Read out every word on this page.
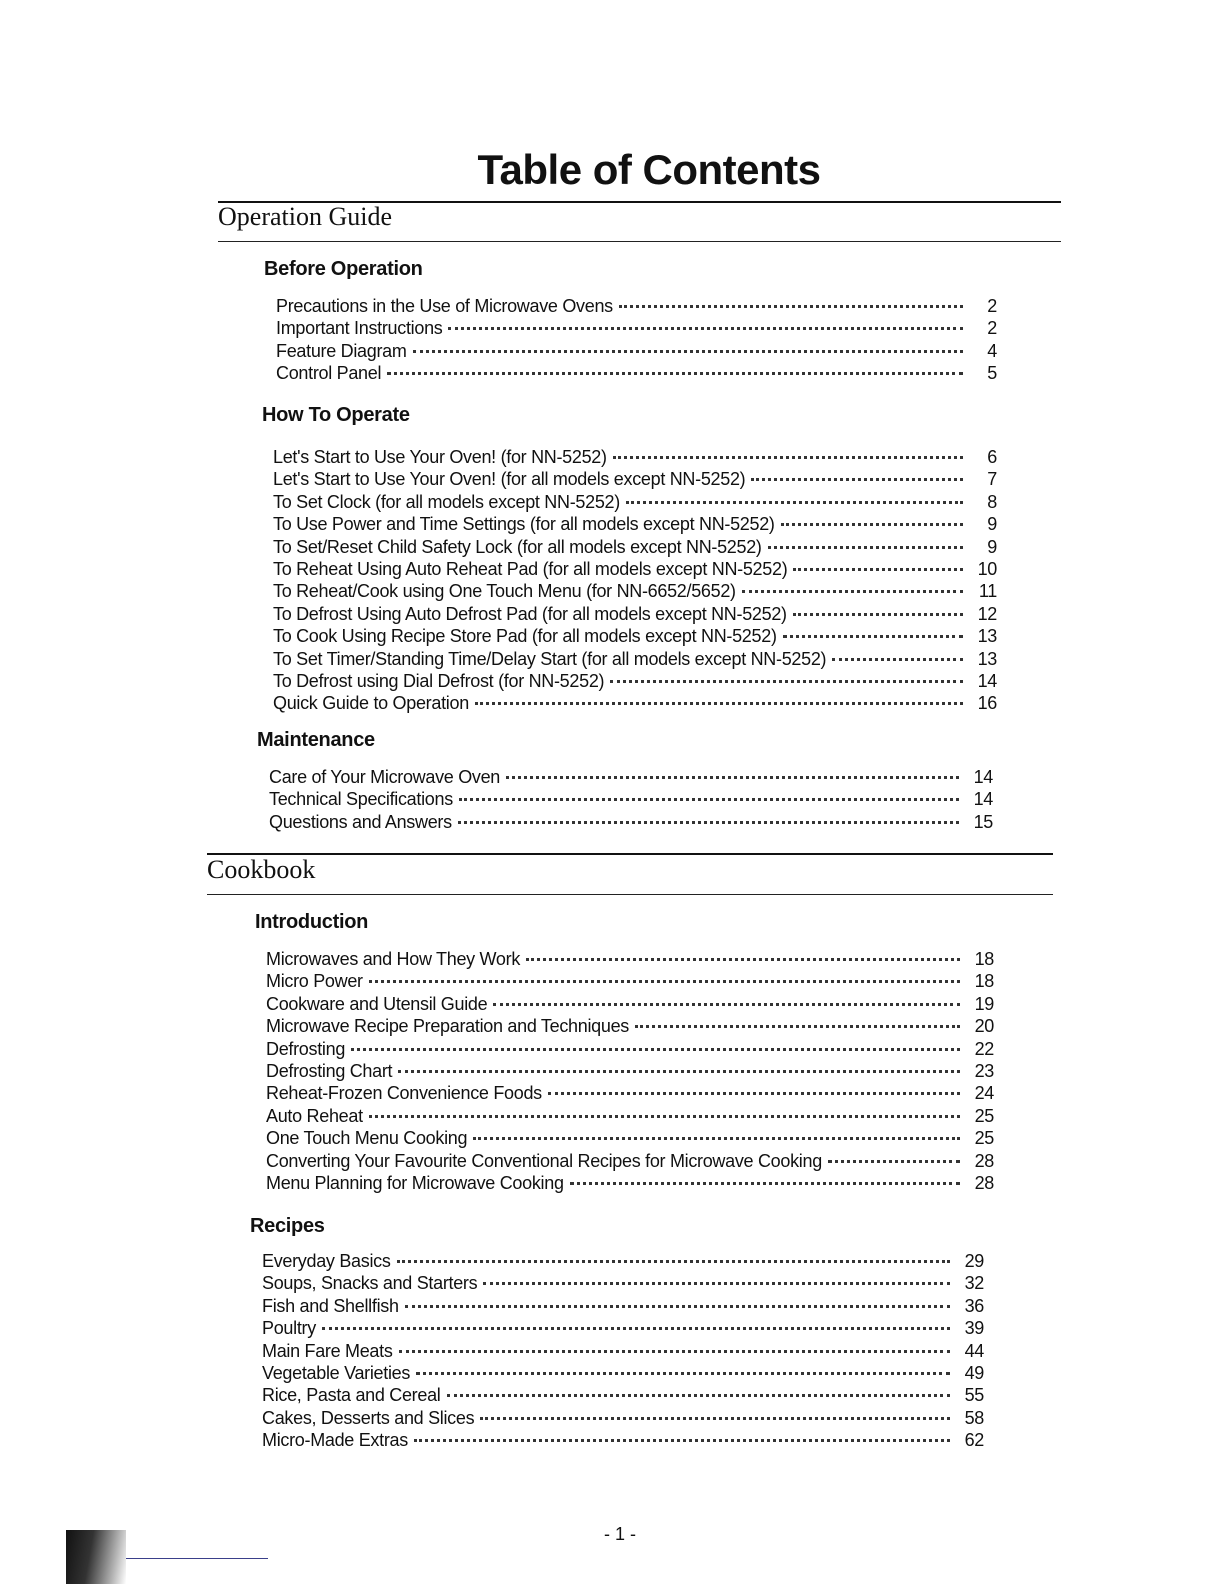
Table of Contents
Operation Guide
Before Operation
Precautions in the Use of Microwave Ovens	2
Important Instructions	2
Feature Diagram	4
Control Panel	5
How To Operate
Let's Start to Use Your Oven! (for NN-5252)	6
Let's Start to Use Your Oven! (for all models except NN-5252)	7
To Set Clock (for all models except NN-5252)	8
To Use Power and Time Settings (for all models except NN-5252)	9
To Set/Reset Child Safety Lock (for all models except NN-5252)	9
To Reheat Using Auto Reheat Pad (for all models except NN-5252)	10
To Reheat/Cook using One Touch Menu (for NN-6652/5652)	11
To Defrost Using Auto Defrost Pad (for all models except NN-5252)	12
To Cook Using Recipe Store Pad (for all models except NN-5252)	13
To Set Timer/Standing Time/Delay Start (for all models except NN-5252)	13
To Defrost using Dial Defrost (for NN-5252)	14
Quick Guide to Operation	16
Maintenance
Care of Your Microwave Oven	14
Technical Specifications	14
Questions and Answers	15
Cookbook
Introduction
Microwaves and How They Work	18
Micro Power	18
Cookware and Utensil Guide	19
Microwave Recipe Preparation and Techniques	20
Defrosting	22
Defrosting Chart	23
Reheat-Frozen Convenience Foods	24
Auto Reheat	25
One Touch Menu Cooking	25
Converting Your Favourite Conventional Recipes for Microwave Cooking	28
Menu Planning for Microwave Cooking	28
Recipes
Everyday Basics	29
Soups, Snacks and Starters	32
Fish and Shellfish	36
Poultry	39
Main Fare Meats	44
Vegetable Varieties	49
Rice, Pasta and Cereal	55
Cakes, Desserts and Slices	58
Micro-Made Extras	62
- 1 -
